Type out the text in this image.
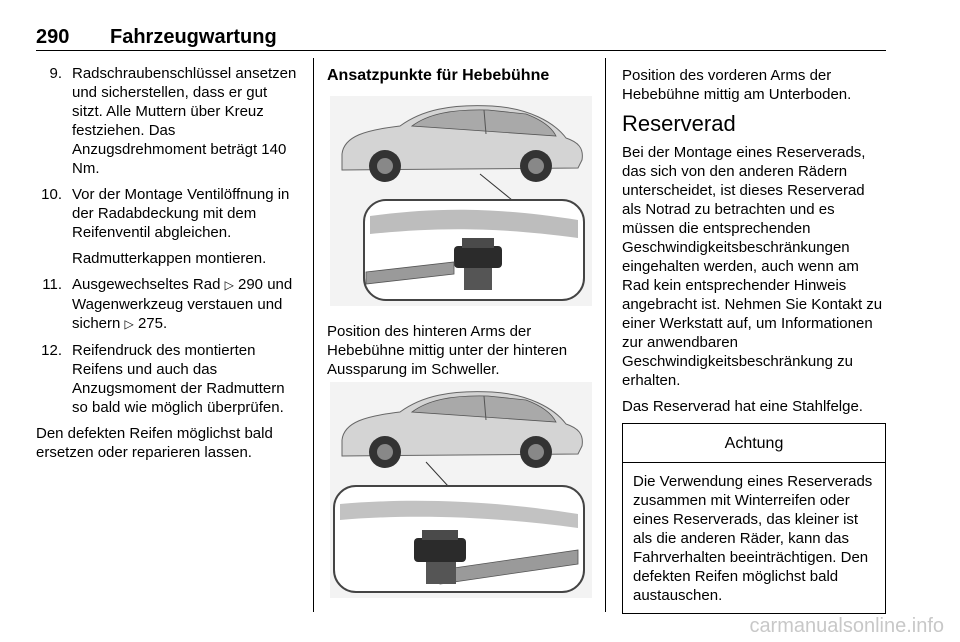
290 Fahrzeugwartung
9. Radschraubenschlüssel ansetzen und sicherstellen, dass er gut sitzt. Alle Muttern über Kreuz festziehen. Das Anzugsdrehmoment beträgt 140 Nm.
10. Vor der Montage Ventilöffnung in der Radabdeckung mit dem Reifenventil abgleichen.

Radmutterkappen montieren.

11. Ausgewechseltes Rad ▷ 290 und Wagenwerkzeug verstauen und sichern ▷ 275.
12. Reifendruck des montierten Reifens und auch das Anzugsmoment der Radmuttern so bald wie möglich überprüfen.

Den defekten Reifen möglichst bald ersetzen oder reparieren lassen.

Ansatzpunkte für Hebebühne

Position des hinteren Arms der Hebebühne mittig unter der hinteren Aussparung im Schweller.

Position des vorderen Arms der Hebebühne mittig am Unterboden.

Reserverad

Bei der Montage eines Reserverads, das sich von den anderen Rädern unterscheidet, ist dieses Reserverad als Notrad zu betrachten und es müssen die entsprechenden Geschwindigkeitsbeschränkungen eingehalten werden, auch wenn am Rad kein entsprechender Hinweis angebracht ist. Nehmen Sie Kontakt zu einer Werkstatt auf, um Informationen zur anwendbaren Geschwindigkeitsbeschränkung zu erhalten.

Das Reserverad hat eine Stahlfelge.

Achtung
Die Verwendung eines Reserverads zusammen mit Winterreifen oder eines Reserverads, das kleiner ist als die anderen Räder, kann das Fahrverhalten beeinträchtigen. Den defekten Reifen möglichst bald austauschen.
carmanualsonline.info
